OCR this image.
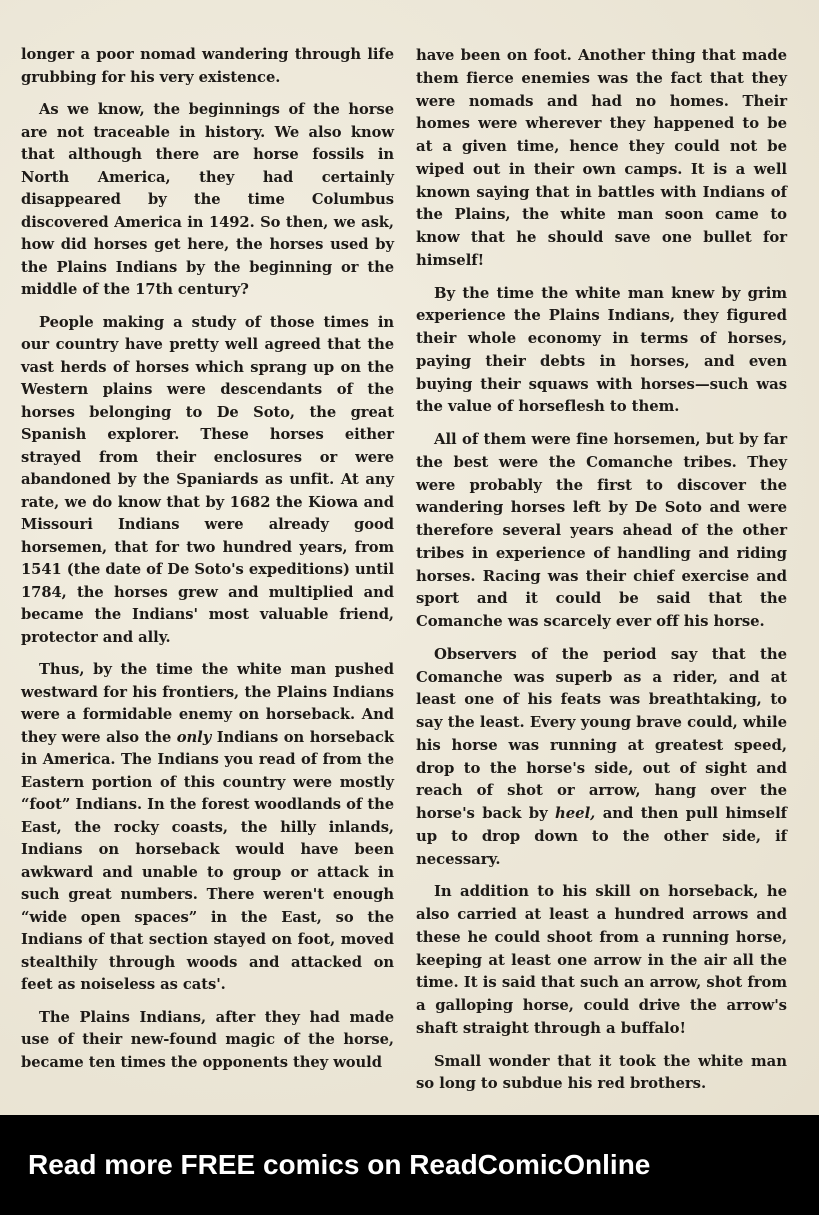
longer a poor nomad wandering through life grubbing for his very existence.

As we know, the beginnings of the horse are not traceable in history. We also know that although there are horse fossils in North America, they had certainly disappeared by the time Columbus discovered America in 1492. So then, we ask, how did horses get here, the horses used by the Plains Indians by the beginning or the middle of the 17th century?

People making a study of those times in our country have pretty well agreed that the vast herds of horses which sprang up on the Western plains were descendants of the horses belonging to De Soto, the great Spanish explorer. These horses either strayed from their enclosures or were abandoned by the Spaniards as unfit. At any rate, we do know that by 1682 the Kiowa and Missouri Indians were already good horsemen, that for two hundred years, from 1541 (the date of De Soto's expeditions) until 1784, the horses grew and multiplied and became the Indians' most valuable friend, protector and ally.

Thus, by the time the white man pushed westward for his frontiers, the Plains Indians were a formidable enemy on horseback. And they were also the only Indians on horseback in America. The Indians you read of from the Eastern portion of this country were mostly “foot” Indians. In the forest woodlands of the East, the rocky coasts, the hilly inlands, Indians on horseback would have been awkward and unable to group or attack in such great numbers. There weren't enough “wide open spaces” in the East, so the Indians of that section stayed on foot, moved stealthily through woods and attacked on feet as noiseless as cats'.

The Plains Indians, after they had made use of their new-found magic of the horse, became ten times the opponents they would

have been on foot. Another thing that made them fierce enemies was the fact that they were nomads and had no homes. Their homes were wherever they happened to be at a given time, hence they could not be wiped out in their own camps. It is a well known saying that in battles with Indians of the Plains, the white man soon came to know that he should save one bullet for himself!

By the time the white man knew by grim experience the Plains Indians, they figured their whole economy in terms of horses, paying their debts in horses, and even buying their squaws with horses—such was the value of horseflesh to them.

All of them were fine horsemen, but by far the best were the Comanche tribes. They were probably the first to discover the wandering horses left by De Soto and were therefore several years ahead of the other tribes in experience of handling and riding horses. Racing was their chief exercise and sport and it could be said that the Comanche was scarcely ever off his horse.

Observers of the period say that the Comanche was superb as a rider, and at least one of his feats was breathtaking, to say the least. Every young brave could, while his horse was running at greatest speed, drop to the horse's side, out of sight and reach of shot or arrow, hang over the horse's back by heel, and then pull himself up to drop down to the other side, if necessary.

In addition to his skill on horseback, he also carried at least a hundred arrows and these he could shoot from a running horse, keeping at least one arrow in the air all the time. It is said that such an arrow, shot from a galloping horse, could drive the arrow's shaft straight through a buffalo!

Small wonder that it took the white man so long to subdue his red brothers.

Read more FREE comics on ReadComicOnline
